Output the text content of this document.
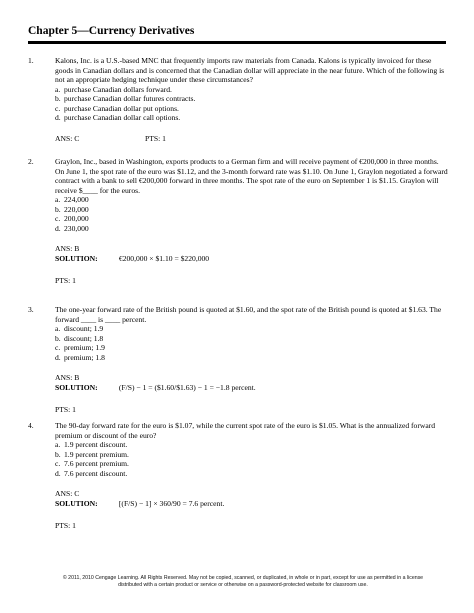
Chapter 5—Currency Derivatives
1.	Kalons, Inc. is a U.S.-based MNC that frequently imports raw materials from Canada. Kalons is typically invoiced for these goods in Canadian dollars and is concerned that the Canadian dollar will appreciate in the near future. Which of the following is not an appropriate hedging technique under these circumstances?
a. purchase Canadian dollars forward.
b. purchase Canadian dollar futures contracts.
c. purchase Canadian dollar put options.
d. purchase Canadian dollar call options.
ANS: C	PTS: 1
2.	Graylon, Inc., based in Washington, exports products to a German firm and will receive payment of €200,000 in three months. On June 1, the spot rate of the euro was $1.12, and the 3-month forward rate was $1.10. On June 1, Graylon negotiated a forward contract with a bank to sell €200,000 forward in three months. The spot rate of the euro on September 1 is $1.15. Graylon will receive $____ for the euros.
a. 224,000
b. 220,000
c. 200,000
d. 230,000
ANS: B
SOLUTION:	€200,000 × $1.10 = $220,000
PTS: 1
3.	The one-year forward rate of the British pound is quoted at $1.60, and the spot rate of the British pound is quoted at $1.63. The forward ____ is ____ percent.
a. discount; 1.9
b. discount; 1.8
c. premium; 1.9
d. premium; 1.8
ANS: B
SOLUTION:	(F/S) − 1 = ($1.60/$1.63) − 1 = −1.8 percent.
PTS: 1
4.	The 90-day forward rate for the euro is $1.07, while the current spot rate of the euro is $1.05. What is the annualized forward premium or discount of the euro?
a. 1.9 percent discount.
b. 1.9 percent premium.
c. 7.6 percent premium.
d. 7.6 percent discount.
ANS: C
SOLUTION:	[(F/S) − 1] × 360/90 = 7.6 percent.
PTS: 1
© 2011, 2010 Cengage Learning. All Rights Reserved. May not be copied, scanned, or duplicated, in whole or in part, except for use as permitted in a license distributed with a certain product or service or otherwise on a password-protected website for classroom use.
